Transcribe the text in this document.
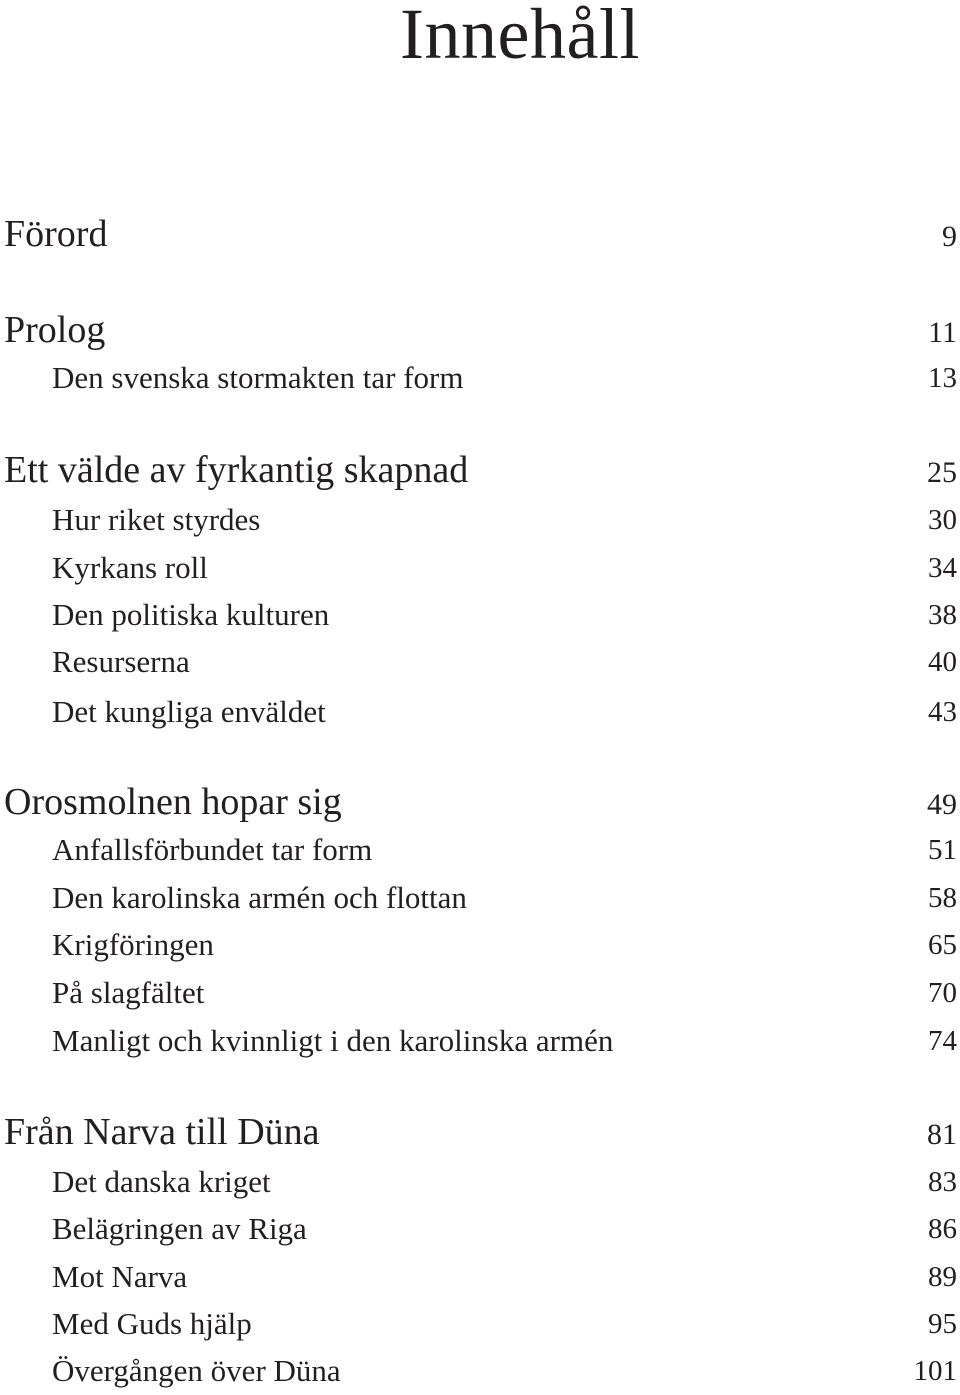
Innehåll
Förord	9
Prolog	11
Den svenska stormakten tar form	13
Ett välde av fyrkantig skapnad	25
Hur riket styrdes	30
Kyrkans roll	34
Den politiska kulturen	38
Resurserna	40
Det kungliga enväldet	43
Orosmolnen hopar sig	49
Anfallsförbundet tar form	51
Den karolinska armén och flottan	58
Krigföringen	65
På slagfältet	70
Manligt och kvinnligt i den karolinska armén	74
Från Narva till Düna	81
Det danska kriget	83
Belägringen av Riga	86
Mot Narva	89
Med Guds hjälp	95
Övergången över Düna	101
